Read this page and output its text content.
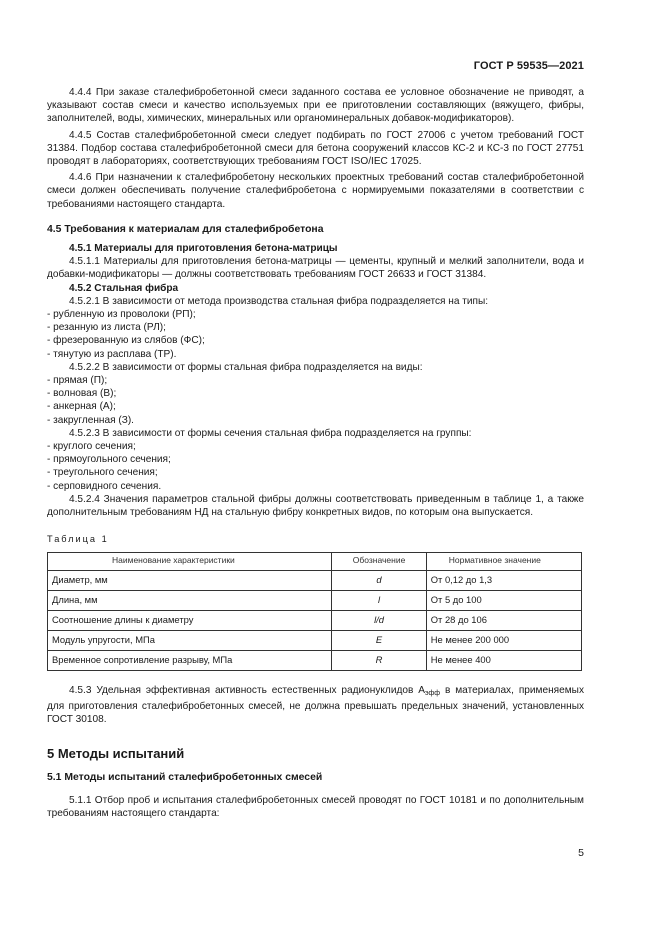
ГОСТ Р 59535—2021

4.4.4 При заказе сталефибробетонной смеси заданного состава ее условное обозначение не приводят, а указывают состав смеси и качество используемых при ее приготовлении составляющих (вяжущего, фибры, заполнителей, воды, химических, минеральных или органоминеральных добавок-модификаторов).

4.4.5 Состав сталефибробетонной смеси следует подбирать по ГОСТ 27006 с учетом требований ГОСТ 31384. Подбор состава сталефибробетонной смеси для бетона сооружений классов КС-2 и КС-3 по ГОСТ 27751 проводят в лабораториях, соответствующих требованиям ГОСТ ISO/IEC 17025.

4.4.6 При назначении к сталефибробетону нескольких проектных требований состав сталефибробетонной смеси должен обеспечивать получение сталефибробетона с нормируемыми показателями в соответствии с требованиями настоящего стандарта.

4.5 Требования к материалам для сталефибробетона

4.5.1 Материалы для приготовления бетона-матрицы

4.5.1.1 Материалы для приготовления бетона-матрицы — цементы, крупный и мелкий заполнители, вода и добавки-модификаторы — должны соответствовать требованиям ГОСТ 26633 и ГОСТ 31384.

4.5.2 Стальная фибра

4.5.2.1 В зависимости от метода производства стальная фибра подразделяется на типы:

- рубленную из проволоки (РП);

- резанную из листа (РЛ);

- фрезерованную из слябов (ФС);

- тянутую из расплава (ТР).

4.5.2.2 В зависимости от формы стальная фибра подразделяется на виды:

- прямая (П);

- волновая (В);

- анкерная (А);

- закругленная (З).

4.5.2.3 В зависимости от формы сечения стальная фибра подразделяется на группы:

- круглого сечения;

- прямоугольного сечения;

- треугольного сечения;

- серповидного сечения.

4.5.2.4 Значения параметров стальной фибры должны соответствовать приведенным в таблице 1, а также дополнительным требованиям НД на стальную фибру конкретных видов, по которым она выпускается.

Таблица 1

Наименование характеристики	Обозначение	Нормативное значение
Диаметр, мм	d	От 0,12 до 1,3
Длина, мм	l	От 5 до 100
Соотношение длины к диаметру	l/d	От 28 до 106
Модуль упругости, МПа	E	Не менее 200 000
Временное сопротивление разрыву, МПа	R	Не менее 400

4.5.3 Удельная эффективная активность естественных радионуклидов $A_{эфф}$ в материалах, применяемых для приготовления сталефибробетонных смесей, не должна превышать предельных значений, установленных ГОСТ 30108.

5 Методы испытаний

5.1 Методы испытаний сталефибробетонных смесей

5.1.1 Отбор проб и испытания сталефибробетонных смесей проводят по ГОСТ 10181 и по дополнительным требованиям настоящего стандарта:

5
